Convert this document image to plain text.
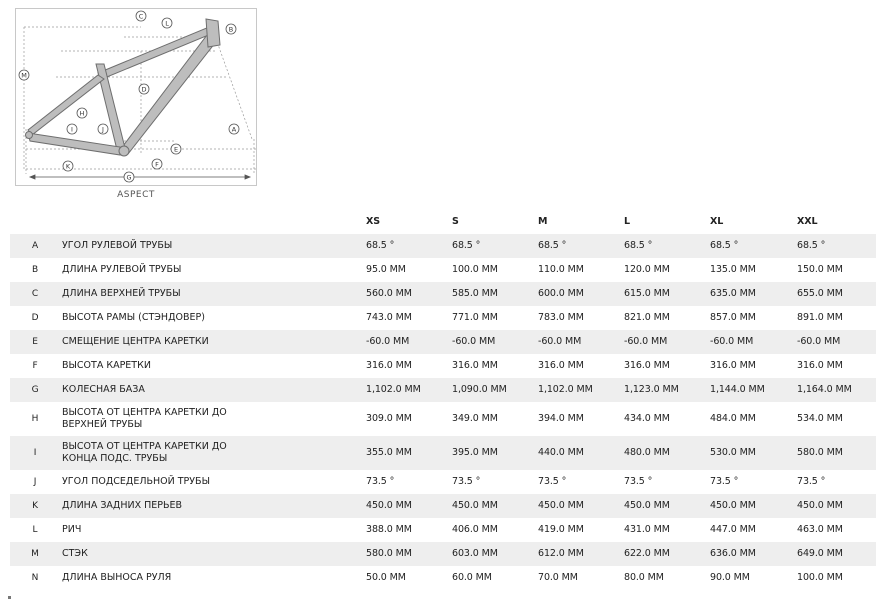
A
B
C
D
E
F
G
H
I	J
K
L
M
ASPECT
		XS	S	M	L	XL	XXL
A	УГОЛ РУЛЕВОЙ ТРУБЫ	68.5 °	68.5 °	68.5 °	68.5 °	68.5 °	68.5 °
B	ДЛИНА РУЛЕВОЙ ТРУБЫ	95.0 MM	100.0 MM	110.0 MM	120.0 MM	135.0 MM	150.0 MM
C	ДЛИНА ВЕРХНЕЙ ТРУБЫ	560.0 MM	585.0 MM	600.0 MM	615.0 MM	635.0 MM	655.0 MM
D	ВЫСОТА РАМЫ (СТЭНДОВЕР)	743.0 MM	771.0 MM	783.0 MM	821.0 MM	857.0 MM	891.0 MM
E	СМЕЩЕНИЕ ЦЕНТРА КАРЕТКИ	-60.0 MM	-60.0 MM	-60.0 MM	-60.0 MM	-60.0 MM	-60.0 MM
F	ВЫСОТА КАРЕТКИ	316.0 MM	316.0 MM	316.0 MM	316.0 MM	316.0 MM	316.0 MM
G	КОЛЕСНАЯ БАЗА	1,102.0 MM	1,090.0 MM	1,102.0 MM	1,123.0 MM	1,144.0 MM	1,164.0 MM
H	ВЫСОТА ОТ ЦЕНТРА КАРЕТКИ ДО ВЕРХНЕЙ ТРУБЫ	309.0 MM	349.0 MM	394.0 MM	434.0 MM	484.0 MM	534.0 MM
I	ВЫСОТА ОТ ЦЕНТРА КАРЕТКИ ДО КОНЦА ПОДС. ТРУБЫ	355.0 MM	395.0 MM	440.0 MM	480.0 MM	530.0 MM	580.0 MM
J	УГОЛ ПОДСЕДЕЛЬНОЙ ТРУБЫ	73.5 °	73.5 °	73.5 °	73.5 °	73.5 °	73.5 °
K	ДЛИНА ЗАДНИХ ПЕРЬЕВ	450.0 MM	450.0 MM	450.0 MM	450.0 MM	450.0 MM	450.0 MM
L	РИЧ	388.0 MM	406.0 MM	419.0 MM	431.0 MM	447.0 MM	463.0 MM
M	СТЭК	580.0 MM	603.0 MM	612.0 MM	622.0 MM	636.0 MM	649.0 MM
N	ДЛИНА ВЫНОСА РУЛЯ	50.0 MM	60.0 MM	70.0 MM	80.0 MM	90.0 MM	100.0 MM
